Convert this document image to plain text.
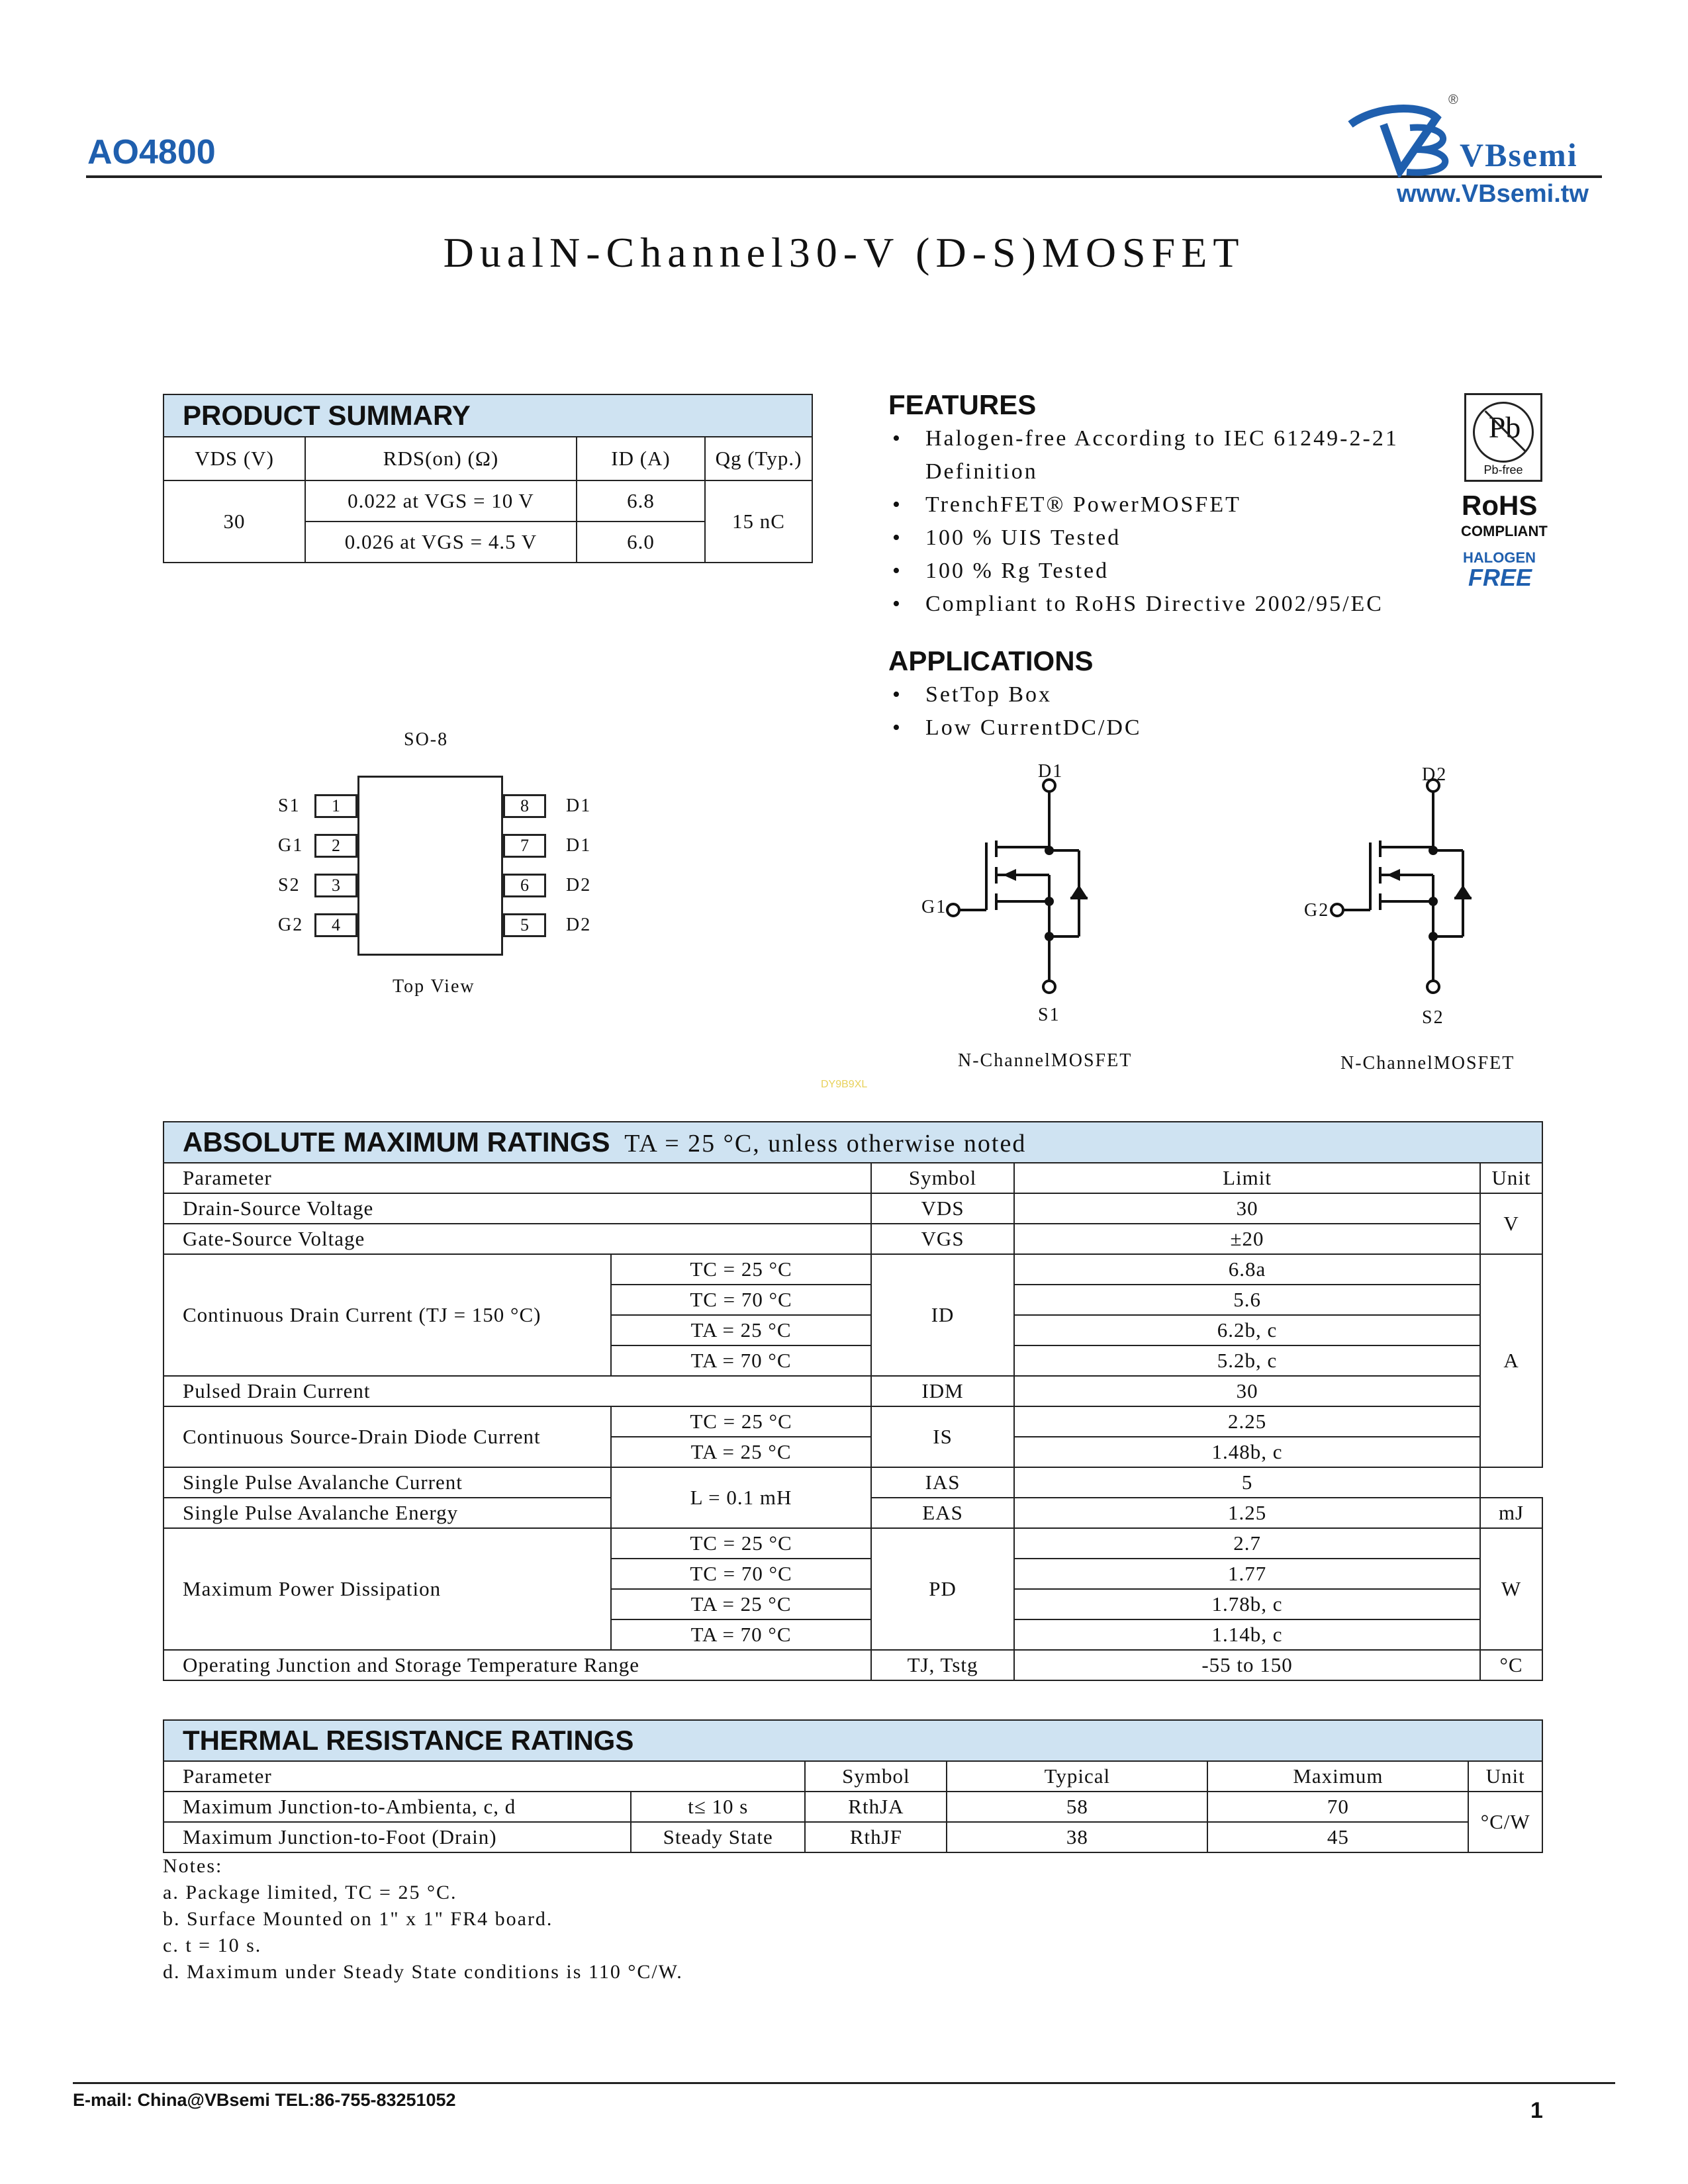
AO4800
®
VBsemi
www.VBsemi.tw
DualN-Channel30-V (D-S)MOSFET
PRODUCT SUMMARY
VDS (V)	RDS(on) (Ω)	ID (A)	Qg (Typ.)
30	0.022 at VGS = 10 V	6.8	15 nC
	0.026 at VGS = 4.5 V	6.0	
FEATURES
• Halogen-free According to IEC 61249-2-21 Definition
• TrenchFET® PowerMOSFET
• 100 % UIS Tested
• 100 % Rg Tested
• Compliant to RoHS Directive 2002/95/EC
Pb
Pb-free
RoHS
COMPLIANT
HALOGEN
FREE
APPLICATIONS
• SetTop Box
• Low CurrentDC/DC
SO-8
1
2
3
4
S1
G1
S2
G2
8
7
6
5
D1
D1
D2
D2
Top View
D1
G1
S1
N-ChannelMOSFET
D2
G2
S2
N-ChannelMOSFET
DY9B9XL
ABSOLUTE MAXIMUM RATINGS TA = 25 °C, unless otherwise noted
Parameter		Symbol	Limit	Unit
Drain-Source Voltage		VDS	30	V
Gate-Source Voltage		VGS	±20	
Continuous Drain Current (TJ = 150 °C)	TC = 25 °C	ID	6.8a	A
	TC = 70 °C		5.6	
	TA = 25 °C		6.2b, c	
	TA = 70 °C		5.2b, c	
Pulsed Drain Current		IDM	30	
Continuous Source-Drain Diode Current	TC = 25 °C	IS	2.25	
	TA = 25 °C		1.48b, c	
Single Pulse Avalanche Current	L = 0.1 mH	IAS	5	
Single Pulse Avalanche Energy		EAS	1.25	mJ
Maximum Power Dissipation	TC = 25 °C	PD	2.7	W
	TC = 70 °C		1.77	
	TA = 25 °C		1.78b, c	
	TA = 70 °C		1.14b, c	
Operating Junction and Storage Temperature Range		TJ, Tstg	-55 to 150	°C
THERMAL RESISTANCE RATINGS
Parameter		Symbol	Typical	Maximum	Unit
Maximum Junction-to-Ambienta, c, d	t≤ 10 s	RthJA	58	70	°C/W
Maximum Junction-to-Foot (Drain)	Steady State	RthJF	38	45	
Notes:
a. Package limited, TC = 25 °C.
b. Surface Mounted on 1" x 1" FR4 board.
c. t = 10 s.
d. Maximum under Steady State conditions is 110 °C/W.
E-mail: China@VBsemi TEL:86-755-83251052	1
